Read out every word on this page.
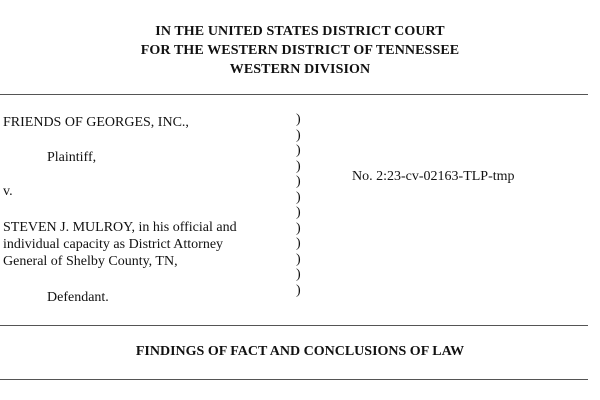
IN THE UNITED STATES DISTRICT COURT
FOR THE WESTERN DISTRICT OF TENNESSEE
WESTERN DIVISION
FRIENDS OF GEORGES, INC.,
Plaintiff,
v.
STEVEN J. MULROY, in his official and
individual capacity as District Attorney
General of Shelby County, TN,
Defendant.
)
)
)
)
)
)
)
)
)
)
)
)
No. 2:23-cv-02163-TLP-tmp
FINDINGS OF FACT AND CONCLUSIONS OF LAW
